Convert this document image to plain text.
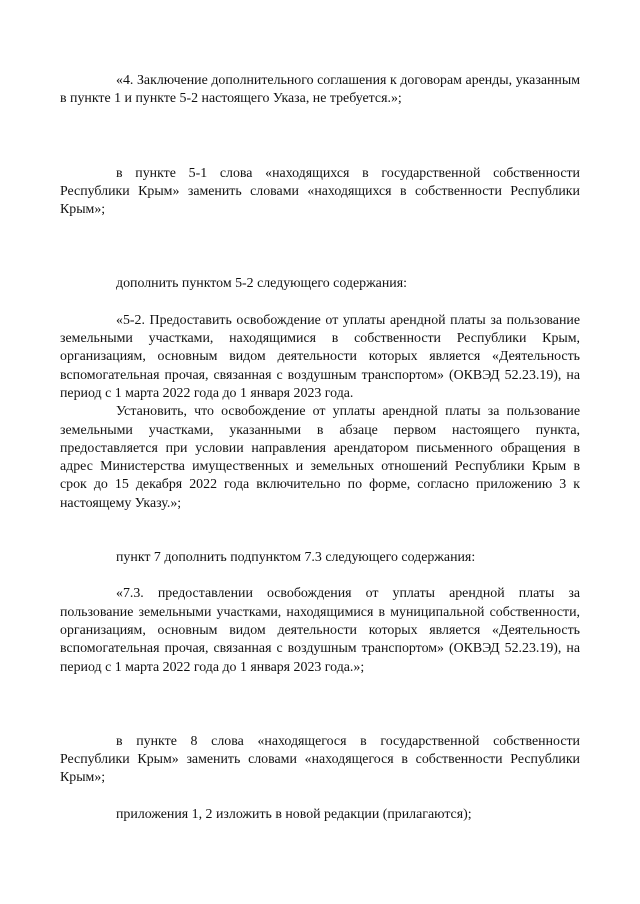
«4. Заключение дополнительного соглашения к договорам аренды, указанным в пункте 1 и пункте 5-2 настоящего Указа, не требуется.»;

в пункте 5-1 слова «находящихся в государственной собственности Республики Крым» заменить словами «находящихся в собственности Республики Крым»;

дополнить пунктом 5-2 следующего содержания:

«5-2. Предоставить освобождение от уплаты арендной платы за пользование земельными участками, находящимися в собственности Республики Крым, организациям, основным видом деятельности которых является «Деятельность вспомогательная прочая, связанная с воздушным транспортом» (ОКВЭД 52.23.19), на период с 1 марта 2022 года до 1 января 2023 года.

Установить, что освобождение от уплаты арендной платы за пользование земельными участками, указанными в абзаце первом настоящего пункта, предоставляется при условии направления арендатором письменного обращения в адрес Министерства имущественных и земельных отношений Республики Крым в срок до 15 декабря 2022 года включительно по форме, согласно приложению 3 к настоящему Указу.»;

пункт 7 дополнить подпунктом 7.3 следующего содержания:

«7.3. предоставлении освобождения от уплаты арендной платы за пользование земельными участками, находящимися в муниципальной собственности, организациям, основным видом деятельности которых является «Деятельность вспомогательная прочая, связанная с воздушным транспортом» (ОКВЭД 52.23.19), на период с 1 марта 2022 года до 1 января 2023 года.»;

в пункте 8 слова «находящегося в государственной собственности Республики Крым» заменить словами «находящегося в собственности Республики Крым»;

приложения 1, 2 изложить в новой редакции (прилагаются);
